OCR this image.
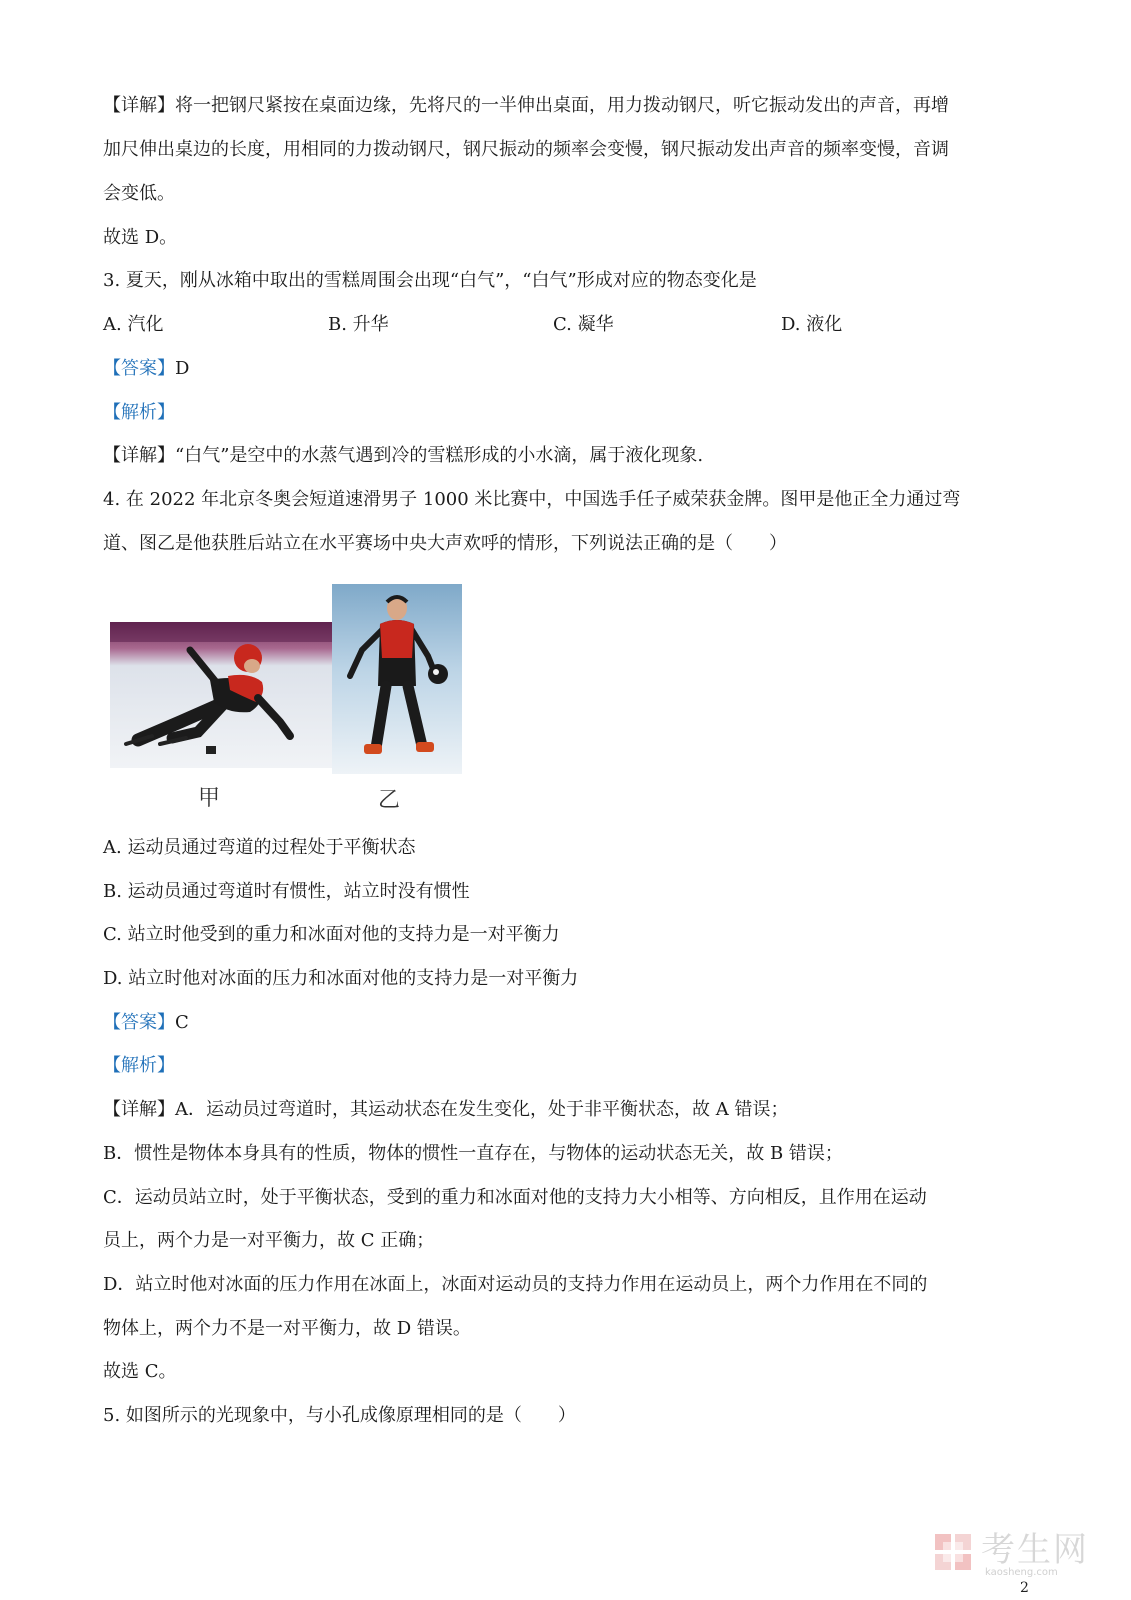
【详解】将一把钢尺紧按在桌面边缘，先将尺的一半伸出桌面，用力拨动钢尺，听它振动发出的声音，再增
加尺伸出桌边的长度，用相同的力拨动钢尺，钢尺振动的频率会变慢，钢尺振动发出声音的频率变慢，音调
会变低。
故选 D。
3. 夏天，刚从冰箱中取出的雪糕周围会出现“白气”，“白气”形成对应的物态变化是
A. 汽化	B. 升华	C. 凝华	D. 液化
【答案】D
【解析】
【详解】“白气”是空中的水蒸气遇到冷的雪糕形成的小水滴，属于液化现象.
4. 在 2022 年北京冬奥会短道速滑男子 1000 米比赛中，中国选手任子威荣获金牌。图甲是他正全力通过弯
道、图乙是他获胜后站立在水平赛场中央大声欢呼的情形，下列说法正确的是（　　）
甲	乙
A. 运动员通过弯道的过程处于平衡状态
B. 运动员通过弯道时有惯性，站立时没有惯性
C. 站立时他受到的重力和冰面对他的支持力是一对平衡力
D. 站立时他对冰面的压力和冰面对他的支持力是一对平衡力
【答案】C
【解析】
【详解】A．运动员过弯道时，其运动状态在发生变化，处于非平衡状态，故 A 错误；
B．惯性是物体本身具有的性质，物体的惯性一直存在，与物体的运动状态无关，故 B 错误；
C．运动员站立时，处于平衡状态，受到的重力和冰面对他的支持力大小相等、方向相反，且作用在运动
员上，两个力是一对平衡力，故 C 正确；
D．站立时他对冰面的压力作用在冰面上，冰面对运动员的支持力作用在运动员上，两个力作用在不同的
物体上，两个力不是一对平衡力，故 D 错误。
故选 C。
5. 如图所示的光现象中，与小孔成像原理相同的是（　　）
考生网
kaosheng.com
2
